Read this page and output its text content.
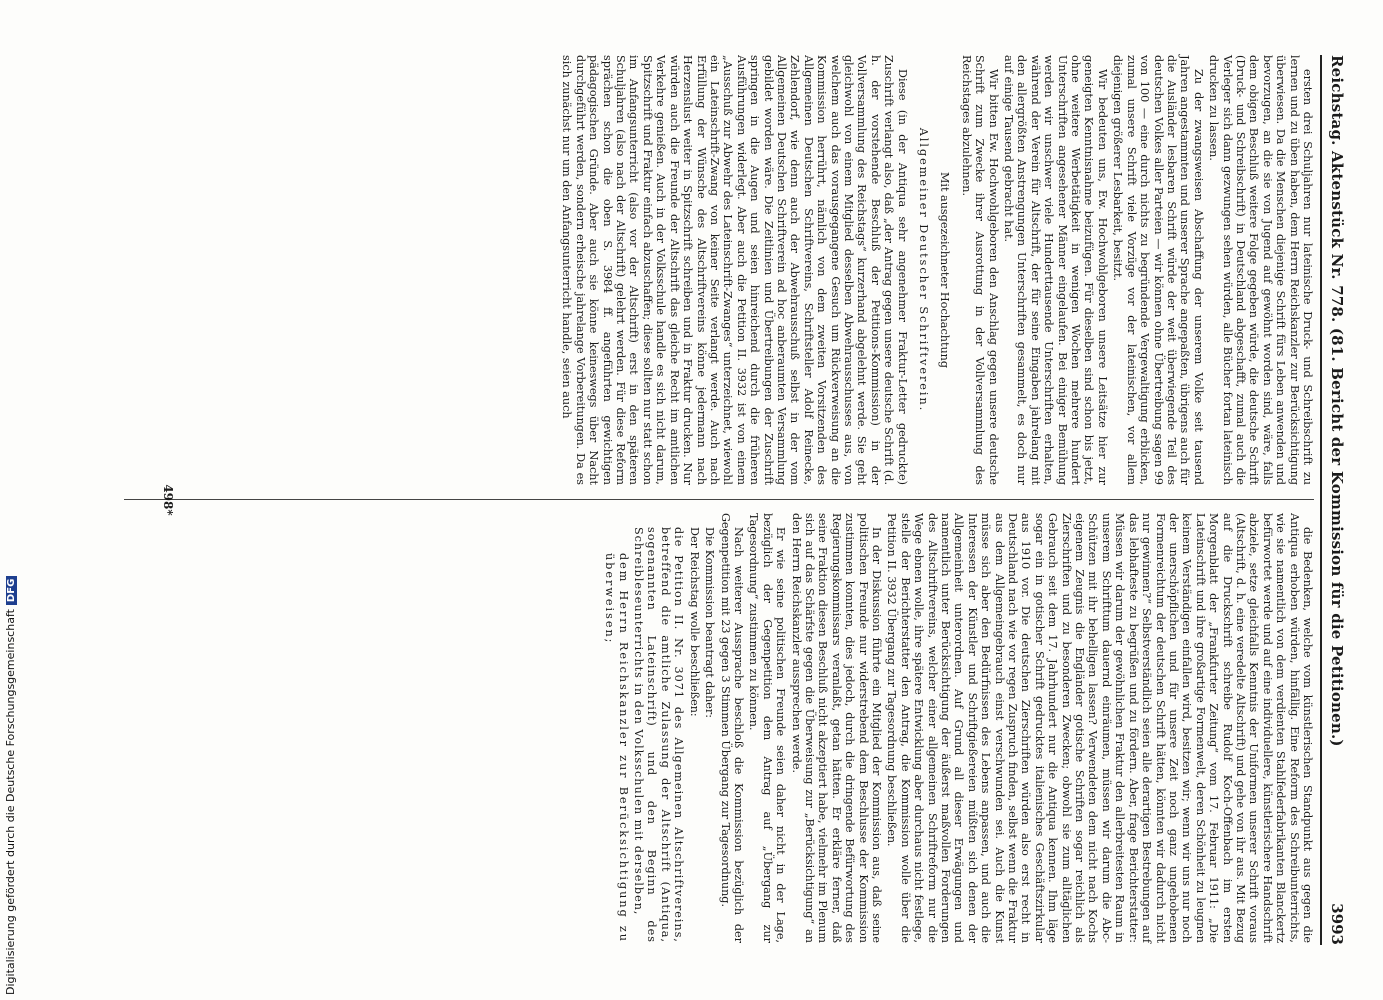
Digitalisierung gefördert durch die Deutsche ForschungsgemeinschaftDFG	Reichstag. Aktenstück Nr. 778. (81. Bericht der Kommission für die Petitionen.)
3993

ersten drei Schuljahren nur lateinische Druck- und Schreibschrift zu lernen und zu üben haben, dem Herrn Reichskanzler zur Berücksichtigung überwiesen. Da die Menschen diejenige Schrift fürs Leben anwenden und bevorzugen, an die sie von Jugend auf gewöhnt worden sind, wäre, falls dem obigen Beschluß weitere Folge gegeben würde, die deutsche Schrift (Druck- und Schreibschrift) in Deutschland abgeschafft, zumal auch die Verleger sich dann gezwungen sehen würden, alle Bücher fortan lateinisch drucken zu lassen.

Zu der zwangsweisen Abschaffung der unserem Volke seit tausend Jahren angestammten und unserer Sprache angepaßten, übrigens auch für die Ausländer lesbaren Schrift würde der weit überwiegende Teil des deutschen Volkes aller Parteien — wir können ohne Übertreibung sagen 99 von 100 — eine durch nichts zu begründende Vergewaltigung erblicken, zumal unsere Schrift viele Vorzüge vor der lateinischen, vor allem diejenigen größerer Lesbarkeit, besitzt.

Wir bedeuten uns, Ew. Hochwohlgeboren unsere Leitsätze hier zur geneigten Kenntnisnahme beizufügen. Für dieselben sind schon bis jetzt, ohne weitere Werbetätigkeit in wenigen Wochen mehrere hundert Unterschriften angesehener Männer eingelaufen. Bei einiger Bemühung werden wir unschwer viele Hunderttausende Unterschriften erhalten, während der Verein für Altschrift, der für seine Eingaben jahrelang mit den allergrößten Anstrengungen Unterschriften gesammelt, es doch nur auf einige Tausend gebracht hat.

Wir bitten Ew. Hochwohlgeboren den Anschlag gegen unsere deutsche Schrift zum Zwecke ihrer Ausrottung in der Vollversammlung des Reichstages abzulehnen.

Mit ausgezeichneter Hochachtung

Allgemeiner Deutscher Schriftverein.

Diese (in der Antiqua sehr angenehmer Fraktur-Letter gedruckte) Zuschrift verlangt also, daß „der Antrag gegen unsere deutsche Schrift (d. h. der vorstehende Beschluß der Petitions-Kommission) in der Vollversammlung des Reichstags“ kurzerhand abgelehnt werde. Sie geht gleichwohl von einem Mitglied desselben Abwehrausschusses aus, von welchem auch das vorausgegangene Gesuch um Rückverweisung an die Kommission herrührt, nämlich von dem zweiten Vorsitzenden des Allgemeinen Deutschen Schriftvereins, Schriftsteller Adolf Reinecke, Zehlendorf, wie denn auch der Abwehrausschuß selbst in der vom Allgemeinen Deutschen Schriftverein ad hoc anberaumten Versammlung gebildet worden wäre. Die Zeitlinien und Übertreibungen der Zuschrift springen in die Augen und seien hinreichend durch die früheren Ausführungen widerlegt. Aber auch die Petition II. 3932 ist von einem „Ausschuß zur Abwehr des Lateinschrift-Zwanges“ unterzeichnet, wiewohl ein Lateinschrift-Zwang von keiner Seite verlangt werde. Auch nach Erfüllung der Wünsche des Altschriftvereins könne jedermann nach Herzenslust weiter in Spitzschrift schreiben und in Fraktur drucken. Nur würden auch die Freunde der Altschrift das gleiche Recht im amtlichen Verkehre genießen. Auch in der Volksschule handle es sich nicht darum, Spitzschrift und Fraktur einfach abzuschaffen; diese sollten nur statt schon im Anfangsunterricht (also vor der Altschrift) erst in den späteren Schuljahren (also nach der Altschrift) gelehrt werden. Für diese Reform sprächen schon die oben S. 3984 ff. angeführten gewichtigen pädagogischen Gründe. Aber auch sie könne keineswegs über Nacht durchgeführt werden, sondern erheische jahrelange Vorbereitungen. Da es sich zunächst nur um den Anfangsunterricht handle, seien auch

die Bedenken, welche vom künstlerischen Standpunkt aus gegen die Antiqua erhoben würden, hinfällig. Eine Reform des Schreibunterrichts, wie sie namentlich von dem verdienten Stahlfederfabrikanten Blanckertz befürwortet werde und auf eine individuellere, künstlerischere Handschrift abziele, setze gleichfalls Kenntnis der Uniformen unserer Schrift voraus (Altschrift, d. h. eine veredelte Altschrift) und gehe von ihr aus. Mit Bezug auf die Druckschrift schreibe Rudolf Koch-Offenbach im ersten Morgenblatt der „Frankfurter Zeitung“ vom 17. Februar 1911: „Die Lateinschrift und ihre großartige Formenwelt, deren Schönheit zu leugnen keinem Verständigen einfallen wird, besitzen wir; wenn wir uns nur noch der unerschöpflichen und für unsere Zeit noch ganz ungehobenen Formenreichtum der deutschen Schrift hätten, könnten wir dadurch nicht nur gewinnen?“ Selbstverständlich seien alle derartigen Bestrebungen auf das lebhafteste zu begrüßen und zu fördern. Aber, frage Berichterstatter: Müssen wir darum der gewöhnlichen Fraktur den allerbreitesten Raum in unserem Schrifttum dauernd einräumen, müssen wir darum die Abc-Schützen mit ihr behelligen lassen? Verwendeten dem nicht nach Kochs eigenem Zeugnis die Engländer gotische Schriften sogar reichlich als Zierschriften und zu besonderen Zwecken; obwohl sie zum alltäglichen Gebrauch seit dem 17. Jahrhundert nur die Antiqua kennen. Ihm läge sogar ein in gotischer Schrift gedrucktes italienisches Geschäftszirkular aus 1910 vor. Die deutschen Zierschriften würden also erst recht in Deutschland nach wie vor regen Zuspruch finden, selbst wenn die Fraktur aus dem Allgemeingebrauch einst verschwunden sei. Auch die Kunst müsse sich aber den Bedürfnissen des Lebens anpassen, und auch die Interessen der Künstler und Schriftgießereien müßten sich denen der Allgemeinheit unterordnen. Auf Grund all dieser Erwägungen und namentlich unter Berücksichtigung der äußerst maßvollen Forderungen des Altschriftvereins, welcher einer allgemeinen Schriftreform nur die Wege ebnen wolle, ihre spätere Entwicklung aber durchaus nicht festlege, stelle der Berichterstatter den Antrag, die Kommission wolle über die Petition II. 3932 Übergang zur Tagesordnung beschließen.

In der Diskussion führte ein Mitglied der Kommission aus, daß seine politischen Freunde nur widerstrebend dem Beschlusse der Kommission zustimmen konnten, dies jedoch, durch die dringende Befürwortung des Regierungskommissars veranlaßt, getan hätten. Er erkläre ferner, daß seine Fraktion diesen Beschluß nicht akzeptiert habe, vielmehr im Plenum sich auf das Schärfste gegen die Überweisung zur „Berücksichtigung“ an den Herrn Reichskanzler aussprechen werde.

Er wie seine politischen Freunde seien daher nicht in der Lage, bezüglich der Gegenpetition dem Antrag auf „Übergang zur Tagesordnung“ zustimmen zu können.

Nach weiterer Aussprache beschloß die Kommission bezüglich der Gegenpetition mit 23 gegen 3 Stimmen Übergang zur Tagesordnung.

Die Kommission beantragt daher:

Der Reichstag wolle beschließen:

die Petition II. Nr. 3071 des Allgemeinen Altschriftvereins, betreffend die amtliche Zulassung der Altschrift (Antiqua, sogenannten Lateinschrift) und den Beginn des Schreibleseunterrichts in den Volksschulen mit derselben,

dem Herrn Reichskanzler zur Berücksichtigung zu überweisen;

498*
